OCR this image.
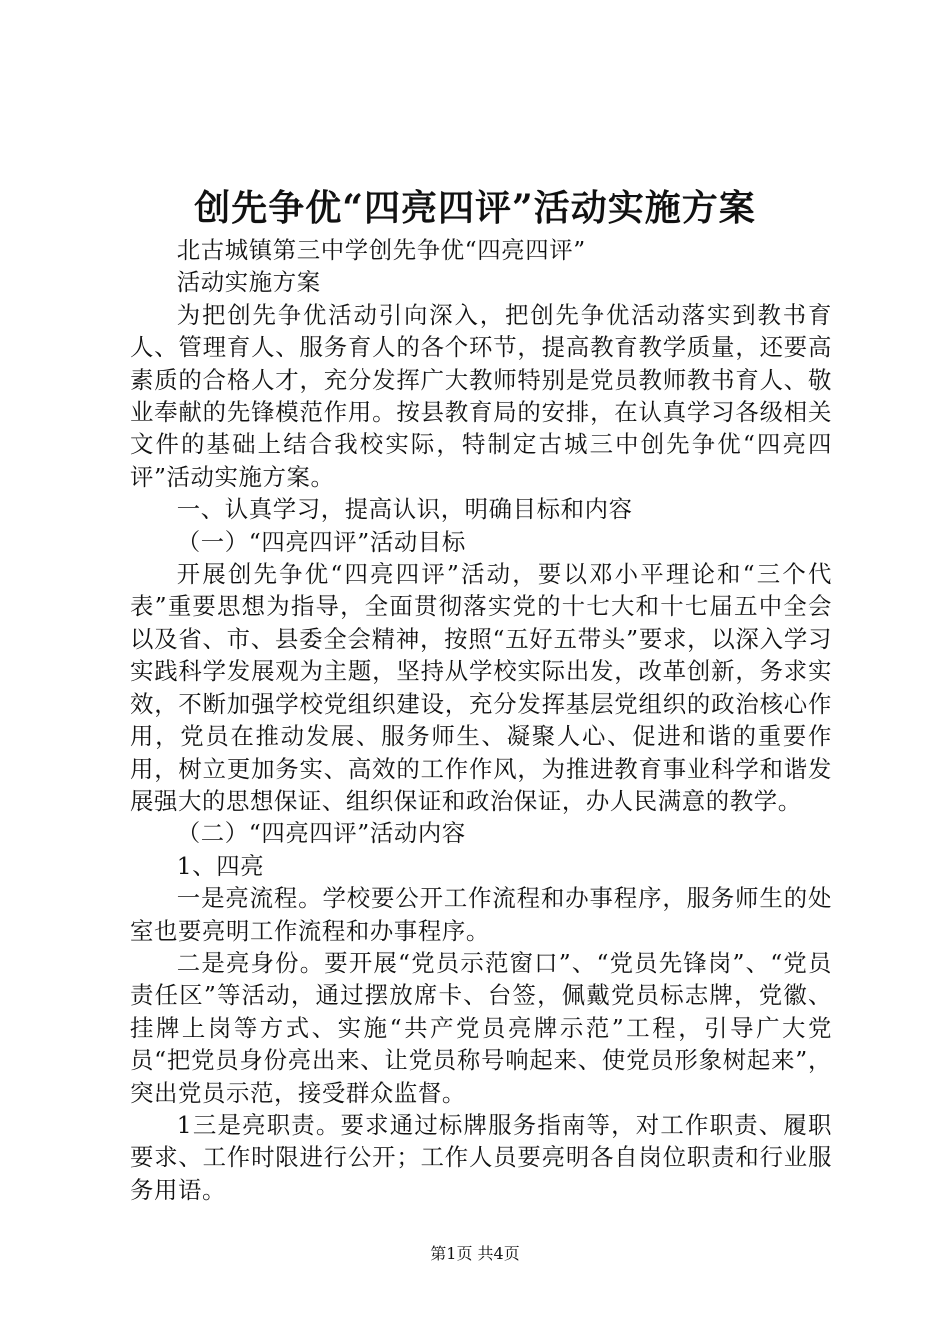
创先争优“四亮四评”活动实施方案

北古城镇第三中学创先争优“四亮四评”

活动实施方案

为把创先争优活动引向深入，把创先争优活动落实到教书育人、管理育人、服务育人的各个环节，提高教育教学质量，还要高素质的合格人才，充分发挥广大教师特别是党员教师教书育人、敬业奉献的先锋模范作用。按县教育局的安排，在认真学习各级相关文件的基础上结合我校实际，特制定古城三中创先争优“四亮四评”活动实施方案。

一、认真学习，提高认识，明确目标和内容

（一）“四亮四评”活动目标

开展创先争优“四亮四评”活动，要以邓小平理论和“三个代表”重要思想为指导，全面贯彻落实党的十七大和十七届五中全会以及省、市、县委全会精神，按照“五好五带头”要求，以深入学习实践科学发展观为主题，坚持从学校实际出发，改革创新，务求实效，不断加强学校党组织建设，充分发挥基层党组织的政治核心作用，党员在推动发展、服务师生、凝聚人心、促进和谐的重要作用，树立更加务实、高效的工作作风，为推进教育事业科学和谐发展强大的思想保证、组织保证和政治保证，办人民满意的教学。

（二）“四亮四评”活动内容

1、四亮

一是亮流程。学校要公开工作流程和办事程序，服务师生的处室也要亮明工作流程和办事程序。

二是亮身份。要开展“党员示范窗口”、“党员先锋岗”、“党员责任区”等活动，通过摆放席卡、台签，佩戴党员标志牌，党徽、挂牌上岗等方式、实施“共产党员亮牌示范”工程，引导广大党员“把党员身份亮出来、让党员称号响起来、使党员形象树起来”，突出党员示范，接受群众监督。

1三是亮职责。要求通过标牌服务指南等，对工作职责、履职要求、工作时限进行公开；工作人员要亮明各自岗位职责和行业服务用语。

第1页 共4页
